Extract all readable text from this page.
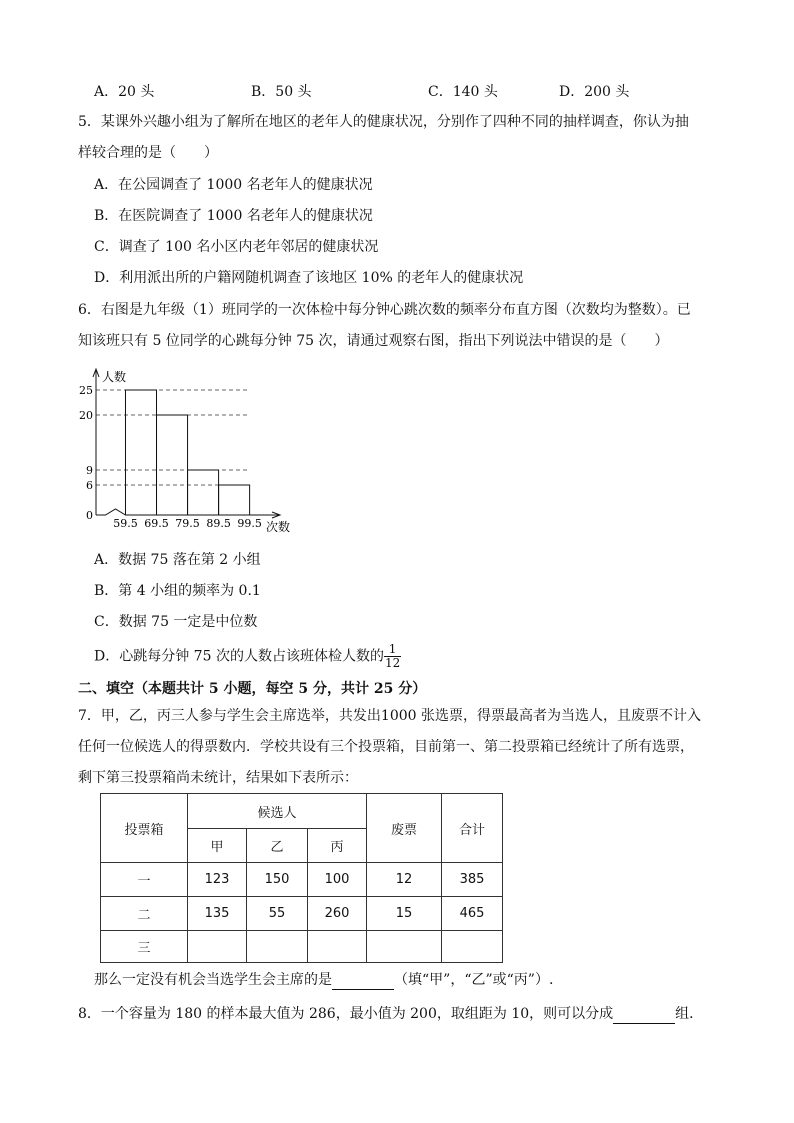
A．20 头	B．50 头	C．140 头	D．200 头
5．某课外兴趣小组为了解所在地区的老年人的健康状况，分别作了四种不同的抽样调查，你认为抽
样较合理的是（　　）
A．在公园调查了 1000 名老年人的健康状况
B．在医院调查了 1000 名老年人的健康状况
C．调查了 100 名小区内老年邻居的健康状况
D．利用派出所的户籍网随机调查了该地区 10% 的老年人的健康状况
6．右图是九年级（1）班同学的一次体检中每分钟心跳次数的频率分布直方图（次数均为整数）。已
知该班只有 5 位同学的心跳每分钟 75 次，请通过观察右图，指出下列说法中错误的是（　　）
0
6
9
20
25
59.5 69.5 79.5 89.5 99.5
人数
次数
A．数据 75 落在第 2 小组
B．第 4 小组的频率为 0.1
C．数据 75 一定是中位数
D．心跳每分钟 75 次的人数占该班体检人数的 $\frac{1}{12}$
二、填空（本题共计 5 小题，每空 5 分，共计 25 分）
7．甲，乙，丙三人参与学生会主席选举，共发出1000 张选票，得票最高者为当选人，且废票不计入
任何一位候选人的得票数内．学校共设有三个投票箱，目前第一、第二投票箱已经统计了所有选票，
剩下第三投票箱尚未统计，结果如下表所示：
投票箱	候选人			废票	合计
	甲	乙	丙		
一	123	150	100	12	385
二	135	55	260	15	465
三					
那么一定没有机会当选学生会主席的是	（填“甲”，“乙”或“丙”）.
8．一个容量为 180 的样本最大值为 286，最小值为 200，取组距为 10，则可以分成	组．
